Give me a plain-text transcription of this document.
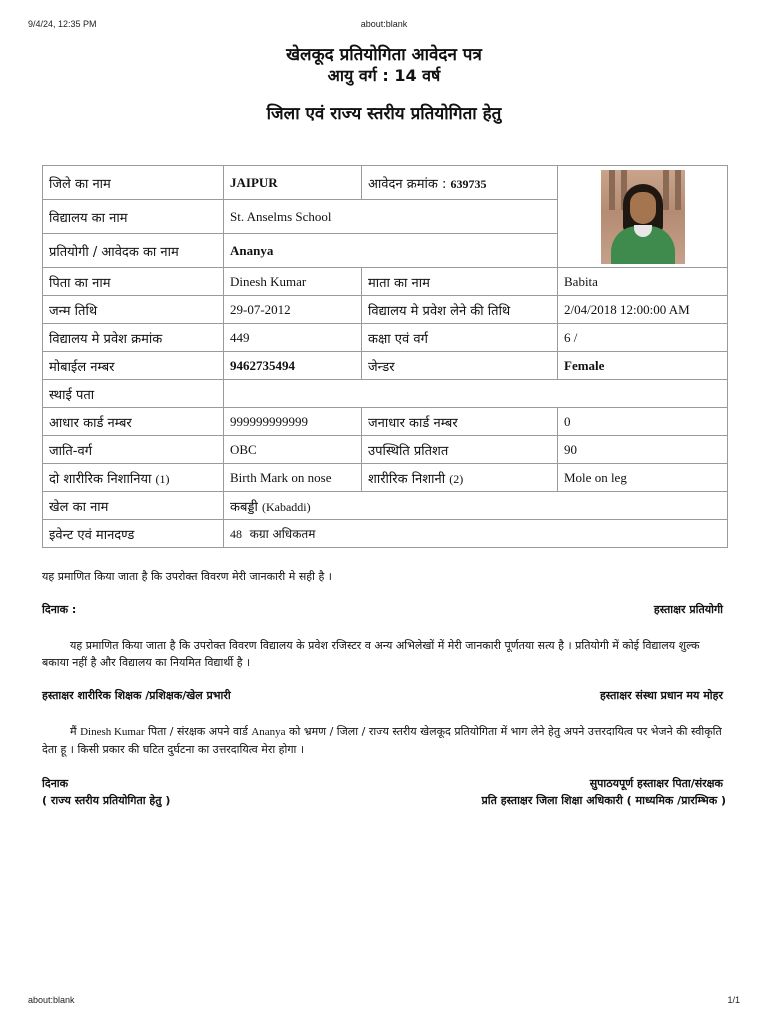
9/4/24, 12:35 PM	about:blank
खेलकूद प्रतियोगिता आवेदन पत्र
आयु वर्ग : 14 वर्ष
जिला एवं राज्य स्तरीय प्रतियोगिता हेतु
जिले का नाम	JAIPUR	आवेदन क्रमांक : 639735	

विद्यालय का नाम	St. Anselms School		
प्रतियोगी / आवेदक का नाम	Ananya		
पिता का नाम	Dinesh Kumar	माता का नाम	Babita
जन्म तिथि	29-07-2012	विद्यालय मे प्रवेश लेने की तिथि	2/04/2018 12:00:00 AM
विद्यालय मे प्रवेश क्रमांक	449	कक्षा एवं वर्ग	6 /
मोबाईल नम्बर	9462735494	जेन्डर	Female
स्थाई पता			
आधार कार्ड नम्बर	999999999999	जनाधार कार्ड नम्बर	0
जाति-वर्ग	OBC	उपस्थिति प्रतिशत	90
दो शारीरिक निशानिया (1)	Birth Mark on nose	शारीरिक निशानी (2)	Mole on leg
खेल का नाम	कबड्डी (Kabaddi)		
इवेन्ट एवं मानदण्ड	48  कग्रा अधिकतम		
यह प्रमाणित किया जाता है कि उपरोक्त विवरण मेरी जानकारी मे सही है ।
दिनाक :	हस्ताक्षर प्रतियोगी
यह प्रमाणित किया जाता है कि उपरोक्त विवरण विद्यालय के प्रवेश रजिस्टर व अन्य अभिलेखों में मेरी जानकारी पूर्णतया सत्य है । प्रतियोगी में कोई विद्यालय शुल्क बकाया नहीं है और विद्यालय का नियमित विद्यार्थी है ।
हस्ताक्षर शारीरिक शिक्षक /प्रशिक्षक/खेल प्रभारी	हस्ताक्षर संस्था प्रधान मय मोहर
मैं Dinesh Kumar पिता / संरक्षक अपने वार्ड Ananya को भ्रमण / जिला / राज्य स्तरीय खेलकूद प्रतियोगिता में भाग लेने हेतु अपने उत्तरदायित्व पर भेजने की स्वीकृति देता हू । किसी प्रकार की घटित दुर्घटना का उत्तरदायित्व मेरा होगा ।
दिनाक	सुपाठयपूर्ण हस्ताक्षर पिता/संरक्षक
( राज्य स्तरीय प्रतियोगिता हेतु )	प्रति हस्ताक्षर जिला शिक्षा अधिकारी ( माध्यमिक /प्रारम्भिक )
about:blank	1/1
